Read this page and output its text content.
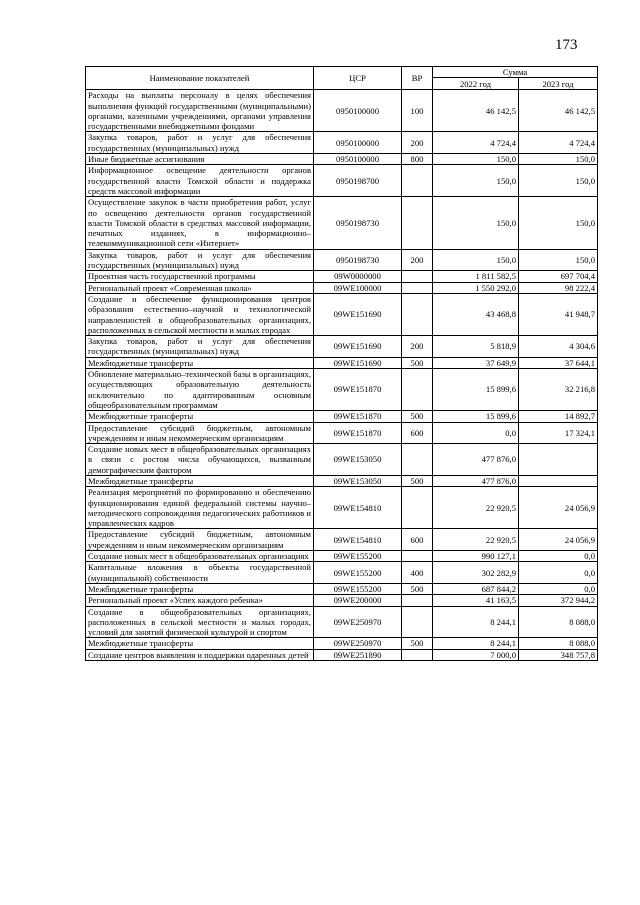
173
Наименование показателей	ЦСР	ВР	Сумма	
			2022 год	2023 год
Расходы на выплаты персоналу в целях обеспечения выполнения функций государственными (муниципальными) органами, казенными учреждениями, органами управления государственными внебюджетными фондами	0950100000	100	46 142,5	46 142,5
Закупка товаров, работ и услуг для обеспечения государственных (муниципальных) нужд	0950100000	200	4 724,4	4 724,4
Иные бюджетные ассигнования	0950100000	800	150,0	150,0
Информационное освещение деятельности органов государственной власти Томской области и поддержка средств массовой информации	0950198700		150,0	150,0
Осуществление закупок в части приобретения работ, услуг по освещению деятельности органов государственной власти Томской области в средствах массовой информации, печатных изданиях, в информационно–телекоммуникационной сети «Интернет»	0950198730		150,0	150,0
Закупка товаров, работ и услуг для обеспечения государственных (муниципальных) нужд	0950198730	200	150,0	150,0
Проектная часть государственной программы	09W0000000		1 811 582,5	697 704,4
Региональный проект «Современная школа»	09WE100000		1 550 292,0	98 222,4
Создание и обеспечение функционирования центров образования естественно–научной и технологической направленностей в общеобразовательных организациях, расположенных в сельской местности и малых городах	09WE151690		43 468,8	41 948,7
Закупка товаров, работ и услуг для обеспечения государственных (муниципальных) нужд	09WE151690	200	5 818,9	4 304,6
Межбюджетные трансферты	09WE151690	500	37 649,9	37 644,1
Обновление материально–технической базы в организациях, осуществляющих образовательную деятельность исключительно по адаптированным основным общеобразовательным программам	09WE151870		15 899,6	32 216,8
Межбюджетные трансферты	09WE151870	500	15 899,6	14 892,7
Предоставление субсидий бюджетным, автономным учреждениям и иным некоммерческим организациям	09WE151870	600	0,0	17 324,1
Создание новых мест в общеобразовательных организациях в связи с ростом числа обучающихся, вызванным демографическим фактором	09WE153050		477 876,0	
Межбюджетные трансферты	09WE153050	500	477 876,0	
Реализация мероприятий по формированию и обеспечению функционирования единой федеральной системы научно–методического сопровождения педагогических работников и управленческих кадров	09WE154810		22 920,5	24 056,9
Предоставление субсидий бюджетным, автономным учреждениям и иным некоммерческим организациям	09WE154810	600	22 920,5	24 056,9
Создание новых мест в общеобразовательных организациях	09WE155200		990 127,1	0,0
Капитальные вложения в объекты государственной (муниципальной) собственности	09WE155200	400	302 282,9	0,0
Межбюджетные трансферты	09WE155200	500	687 844,2	0,0
Региональный проект «Успех каждого ребенка»	09WE200000		41 163,5	372 944,2
Создание в общеобразовательных организациях, расположенных в сельской местности и малых городах, условий для занятий физической культурой и спортом	09WE250970		8 244,1	8 088,0
Межбюджетные трансферты	09WE250970	500	8 244,1	8 088,0
Создание центров выявления и поддержки одаренных детей	09WE251890		7 000,0	348 757,8
